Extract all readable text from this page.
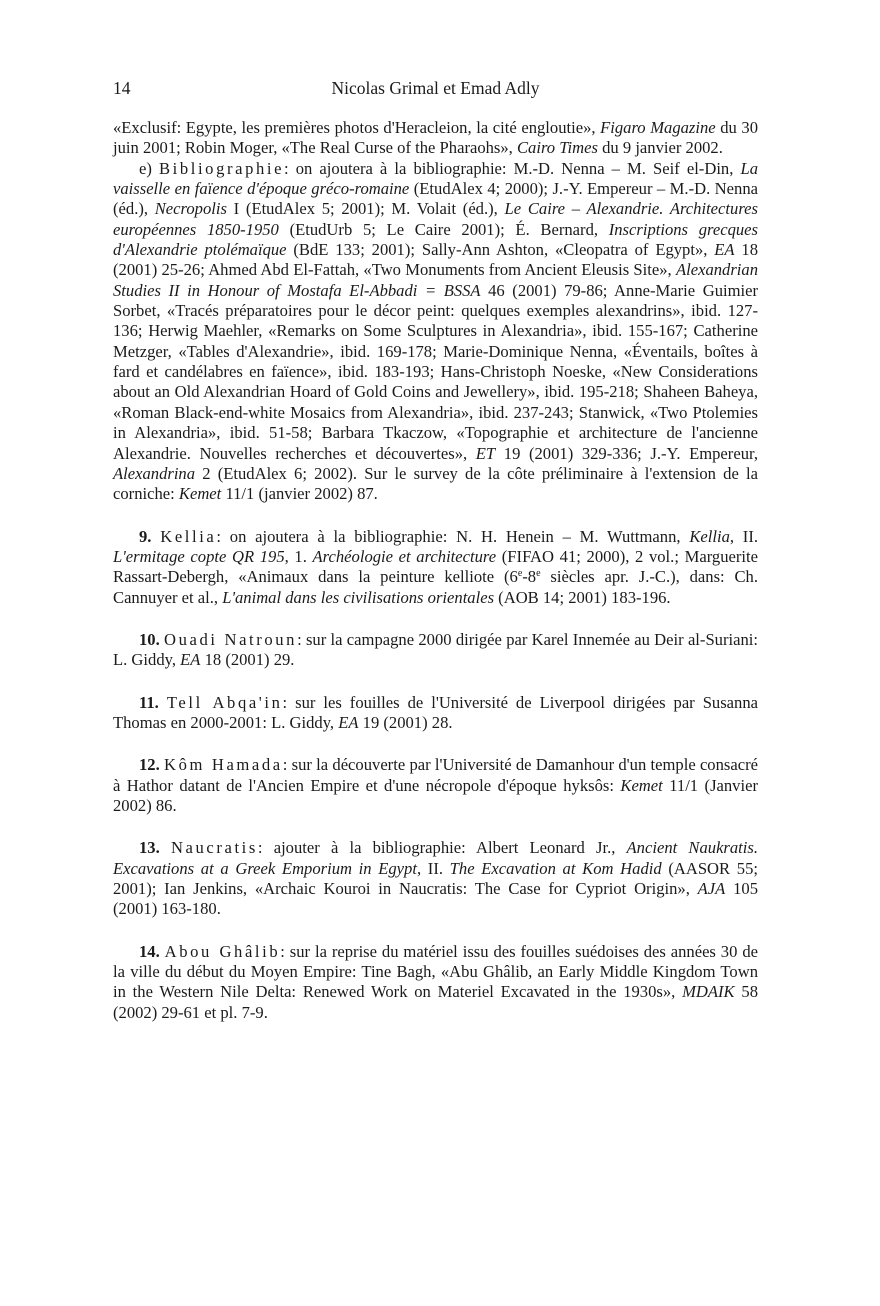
14	Nicolas Grimal et Emad Adly

«Exclusif: Egypte, les premières photos d'Heracleion, la cité engloutie», Figaro Magazine du 30 juin 2001; Robin Moger, «The Real Curse of the Pharaohs», Cairo Times du 9 janvier 2002.

e) Bibliographie: on ajoutera à la bibliographie: M.-D. Nenna – M. Seif el-Din, La vaisselle en faïence d'époque gréco-romaine (EtudAlex 4; 2000); J.-Y. Empereur – M.-D. Nenna (éd.), Necropolis I (EtudAlex 5; 2001); M. Volait (éd.), Le Caire – Alexandrie. Architectures européennes 1850-1950 (EtudUrb 5; Le Caire 2001); É. Bernard, Inscriptions grecques d'Alexandrie ptolémaïque (BdE 133; 2001); Sally-Ann Ashton, «Cleopatra of Egypt», EA 18 (2001) 25-26; Ahmed Abd El-Fattah, «Two Monuments from Ancient Eleusis Site», Alexandrian Studies II in Honour of Mostafa El-Abbadi = BSSA 46 (2001) 79-86; Anne-Marie Guimier Sorbet, «Tracés préparatoires pour le décor peint: quelques exemples alexandrins», ibid. 127-136; Herwig Maehler, «Remarks on Some Sculptures in Alexandria», ibid. 155-167; Catherine Metzger, «Tables d'Alexandrie», ibid. 169-178; Marie-Dominique Nenna, «Éventails, boîtes à fard et candélabres en faïence», ibid. 183-193; Hans-Christoph Noeske, «New Considerations about an Old Alexandrian Hoard of Gold Coins and Jewellery», ibid. 195-218; Shaheen Baheya, «Roman Black-end-white Mosaics from Alexandria», ibid. 237-243; Stanwick, «Two Ptolemies in Alexandria», ibid. 51-58; Barbara Tkaczow, «Topographie et architecture de l'ancienne Alexandrie. Nouvelles recherches et découvertes», ET 19 (2001) 329-336; J.-Y. Empereur, Alexandrina 2 (EtudAlex 6; 2002). Sur le survey de la côte préliminaire à l'extension de la corniche: Kemet 11/1 (janvier 2002) 87.

9. Kellia: on ajoutera à la bibliographie: N. H. Henein – M. Wuttmann, Kellia, II. L'ermitage copte QR 195, 1. Archéologie et architecture (FIFAO 41; 2000), 2 vol.; Marguerite Rassart-Debergh, «Animaux dans la peinture kelliote (6e-8e siècles apr. J.-C.), dans: Ch. Cannuyer et al., L'animal dans les civilisations orientales (AOB 14; 2001) 183-196.

10. Ouadi Natroun: sur la campagne 2000 dirigée par Karel Innemée au Deir al-Suriani: L. Giddy, EA 18 (2001) 29.

11. Tell Abqa'in: sur les fouilles de l'Université de Liverpool dirigées par Susanna Thomas en 2000-2001: L. Giddy, EA 19 (2001) 28.

12. Kôm Hamada: sur la découverte par l'Université de Damanhour d'un temple consacré à Hathor datant de l'Ancien Empire et d'une nécropole d'époque hyksôs: Kemet 11/1 (Janvier 2002) 86.

13. Naucratis: ajouter à la bibliographie: Albert Leonard Jr., Ancient Naukratis. Excavations at a Greek Emporium in Egypt, II. The Excavation at Kom Hadid (AASOR 55; 2001); Ian Jenkins, «Archaic Kouroi in Naucratis: The Case for Cypriot Origin», AJA 105 (2001) 163-180.

14. Abou Ghâlib: sur la reprise du matériel issu des fouilles suédoises des années 30 de la ville du début du Moyen Empire: Tine Bagh, «Abu Ghâlib, an Early Middle Kingdom Town in the Western Nile Delta: Renewed Work on Materiel Excavated in the 1930s», MDAIK 58 (2002) 29-61 et pl. 7-9.
